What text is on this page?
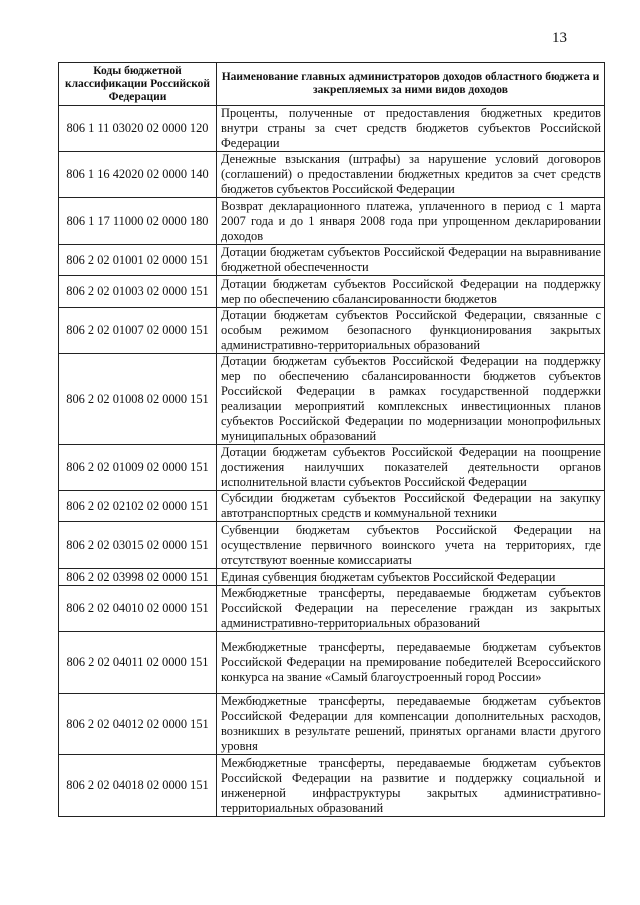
13
Коды бюджетной классификации Российской Федерации	Наименование главных администраторов доходов областного бюджета и закрепляемых за ними видов доходов
806 1 11 03020 02 0000 120	Проценты, полученные от предоставления бюджетных кредитов внутри страны за счет средств бюджетов субъектов Российской Федерации
806 1 16 42020 02 0000 140	Денежные взыскания (штрафы) за нарушение условий договоров (соглашений) о предоставлении бюджетных кредитов за счет средств бюджетов субъектов Российской Федерации
806 1 17 11000 02 0000 180	Возврат декларационного платежа, уплаченного в период с 1 марта 2007 года и до 1 января 2008 года при упрощенном декларировании доходов
806 2 02 01001 02 0000 151	Дотации бюджетам субъектов Российской Федерации на выравнивание бюджетной обеспеченности
806 2 02 01003 02 0000 151	Дотации бюджетам субъектов Российской Федерации на поддержку мер по обеспечению сбалансированности бюджетов
806 2 02 01007 02 0000 151	Дотации бюджетам субъектов Российской Федерации, связанные с особым режимом безопасного функционирования закрытых административно-территориальных образований
806 2 02 01008 02 0000 151	Дотации бюджетам субъектов Российской Федерации на поддержку мер по обеспечению сбалансированности бюджетов субъектов Российской Федерации в рамках государственной поддержки реализации мероприятий комплексных инвестиционных планов субъектов Российской Федерации по модернизации монопрофильных муниципальных образований
806 2 02 01009 02 0000 151	Дотации бюджетам субъектов Российской Федерации на поощрение достижения наилучших показателей деятельности органов исполнительной власти субъектов Российской Федерации
806 2 02 02102 02 0000 151	Субсидии бюджетам субъектов Российской Федерации на закупку автотранспортных средств и коммунальной техники
806 2 02 03015 02 0000 151	Субвенции бюджетам субъектов Российской Федерации на осуществление первичного воинского учета на территориях, где отсутствуют военные комиссариаты
806 2 02 03998 02 0000 151	Единая субвенция бюджетам субъектов Российской Федерации
806 2 02 04010 02 0000 151	Межбюджетные трансферты, передаваемые бюджетам субъектов Российской Федерации на переселение граждан из закрытых административно-территориальных образований
806 2 02 04011 02 0000 151	Межбюджетные трансферты, передаваемые бюджетам субъектов Российской Федерации на премирование победителей Всероссийского конкурса на звание «Самый благоустроенный город России»
806 2 02 04012 02 0000 151	Межбюджетные трансферты, передаваемые бюджетам субъектов Российской Федерации для компенсации дополнительных расходов, возникших в результате решений, принятых органами власти другого уровня
806 2 02 04018 02 0000 151	Межбюджетные трансферты, передаваемые бюджетам субъектов Российской Федерации на развитие и поддержку социальной и инженерной инфраструктуры закрытых административно-территориальных образований
